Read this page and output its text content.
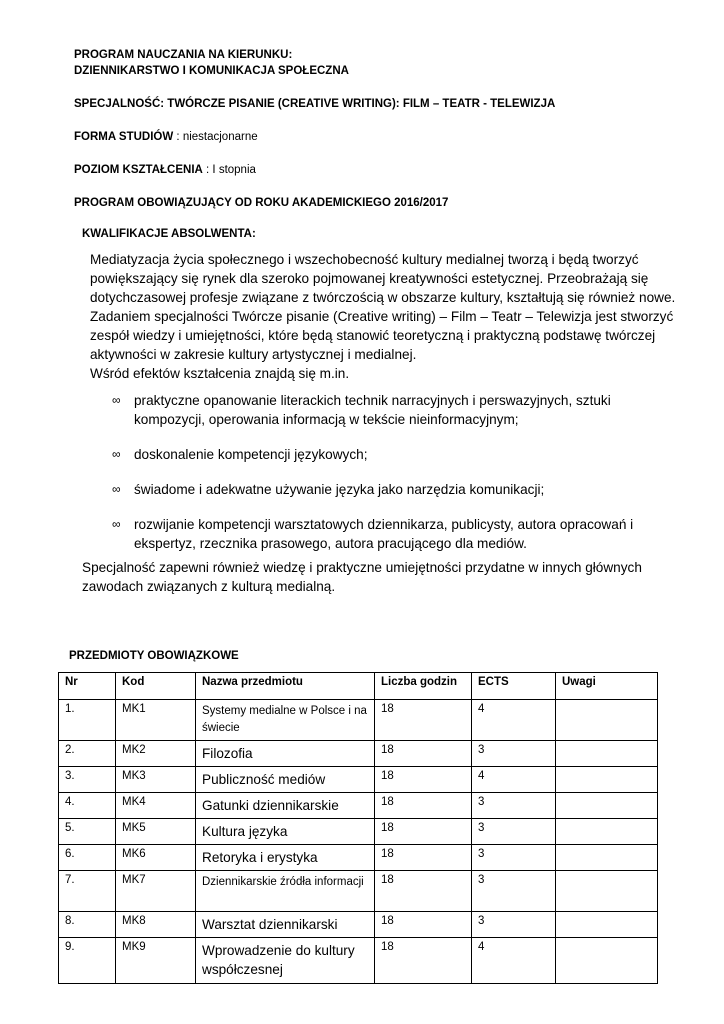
PROGRAM NAUCZANIA NA KIERUNKU:
DZIENNIKARSTWO I KOMUNIKACJA SPOŁECZNA
SPECJALNOŚĆ: TWÓRCZE PISANIE (CREATIVE WRITING): FILM – TEATR - TELEWIZJA
FORMA STUDIÓW : niestacjonarne
POZIOM KSZTAŁCENIA : I stopnia
PROGRAM OBOWIĄZUJĄCY OD ROKU AKADEMICKIEGO 2016/2017
KWALIFIKACJE ABSOLWENTA:

Mediatyzacja życia społecznego i wszechobecność kultury medialnej tworzą i będą tworzyć powiększający się rynek dla szeroko pojmowanej kreatywności estetycznej. Przeobrażają się dotychczasowej profesje związane z twórczością w obszarze kultury, kształtują się również nowe. Zadaniem specjalności Twórcze pisanie (Creative writing) – Film – Teatr – Telewizja jest stworzyć zespół wiedzy i umiejętności, które będą stanowić teoretyczną i praktyczną podstawę twórczej aktywności w zakresie kultury artystycznej i medialnej.

Wśród efektów kształcenia znajdą się m.in.

∞ praktyczne opanowanie literackich technik narracyjnych i perswazyjnych, sztuki kompozycji, operowania informacją w tekście nieinformacyjnym;
∞ doskonalenie kompetencji językowych;
∞ świadome i adekwatne używanie języka jako narzędzia komunikacji;
∞ rozwijanie kompetencji warsztatowych dziennikarza, publicysty, autora opracowań i ekspertyz, rzecznika prasowego, autora pracującego dla mediów.
Specjalność zapewni również wiedzę i praktyczne umiejętności przydatne w innych głównych zawodach związanych z kulturą medialną.
PRZEDMIOTY OBOWIĄZKOWE
Nr	Kod	Nazwa przedmiotu	Liczba godzin	ECTS	Uwagi
1.	MK1	Systemy medialne w Polsce i na świecie	18	4	
2.	MK2	Filozofia	18	3	
3.	MK3	Publiczność mediów	18	4	
4.	MK4	Gatunki dziennikarskie	18	3	
5.	MK5	Kultura języka	18	3	
6.	MK6	Retoryka i erystyka	18	3	
7.	MK7	Dziennikarskie źródła informacji	18	3	
8.	MK8	Warsztat dziennikarski	18	3	
9.	MK9	Wprowadzenie do kultury współczesnej	18	4	
